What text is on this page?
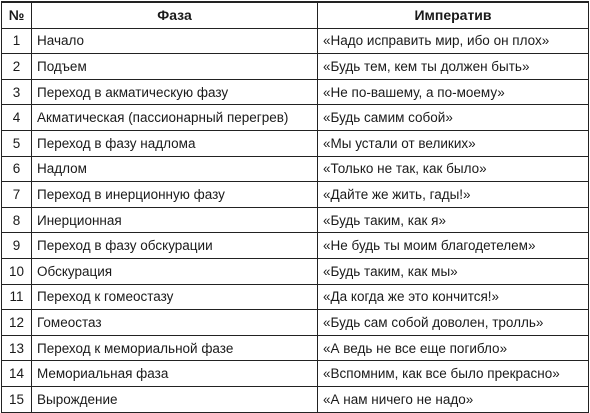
№	Фаза	Императив
1	Начало	«Надо исправить мир, ибо он плох»
2	Подъем	«Будь тем, кем ты должен быть»
3	Переход в акматическую фазу	«Не по-вашему, а по-моему»
4	Акматическая (пассионарный перегрев)	«Будь самим собой»
5	Переход в фазу надлома	«Мы устали от великих»
6	Надлом	«Только не так, как было»
7	Переход в инерционную фазу	«Дайте же жить, гады!»
8	Инерционная	«Будь таким, как я»
9	Переход в фазу обскурации	«Не будь ты моим благодетелем»
10	Обскурация	«Будь таким, как мы»
11	Переход к гомеостазу	«Да когда же это кончится!»
12	Гомеостаз	«Будь сам собой доволен, тролль»
13	Переход к мемориальной фазе	«А ведь не все еще погибло»
14	Мемориальная фаза	«Вспомним, как все было прекрасно»
15	Вырождение	«А нам ничего не надо»
